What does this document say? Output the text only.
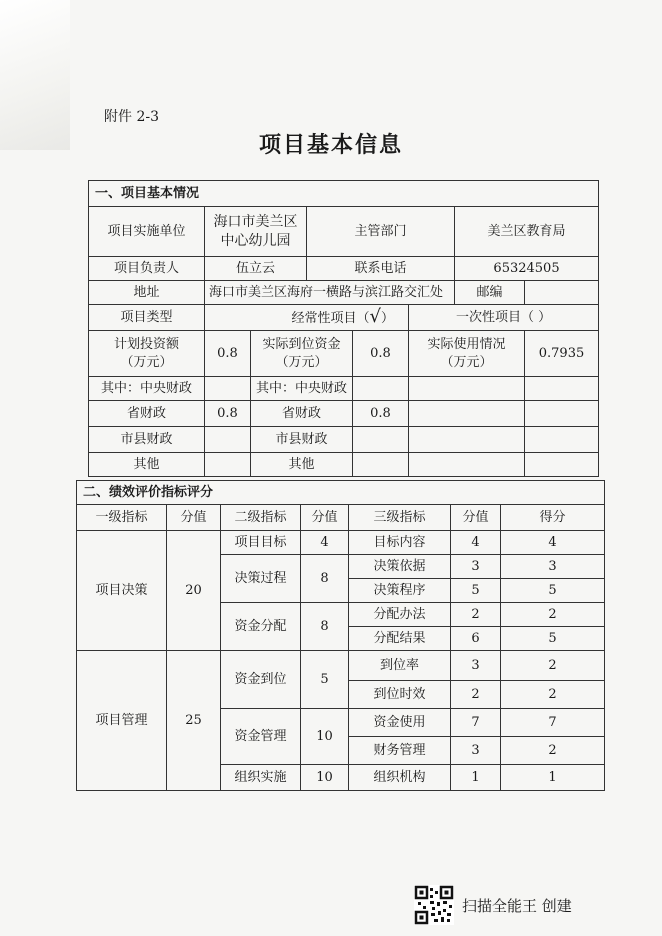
附件 2-3
项目基本信息
一、项目基本情况							
项目实施单位	海口市美兰区中心幼儿园		主管部门			美兰区教育局	
项目负责人	伍立云		联系电话			65324505	
地址	海口市美兰区海府一横路与滨江路交汇处					邮编	
项目类型	经常性项目（√）				一次性项目（ ）		
计划投资额（万元）	0.8	实际到位资金（万元）		0.8	实际使用情况（万元）		0.7935
其中：中央财政		其中：中央财政					
省财政	0.8	省财政		0.8			
市县财政		市县财政					
其他		其他					
二、绩效评价指标评分						
一级指标	分值	二级指标	分值	三级指标	分值	得分
项目决策	20	项目目标	4	目标内容	4	4
		决策过程	8	决策依据	3	3
				决策程序	5	5
		资金分配	8	分配办法	2	2
				分配结果	6	5
项目管理	25	资金到位	5	到位率	3	2
				到位时效	2	2
		资金管理	10	资金使用	7	7
				财务管理	3	2
		组织实施	10	组织机构	1	1
扫描全能王 创建
